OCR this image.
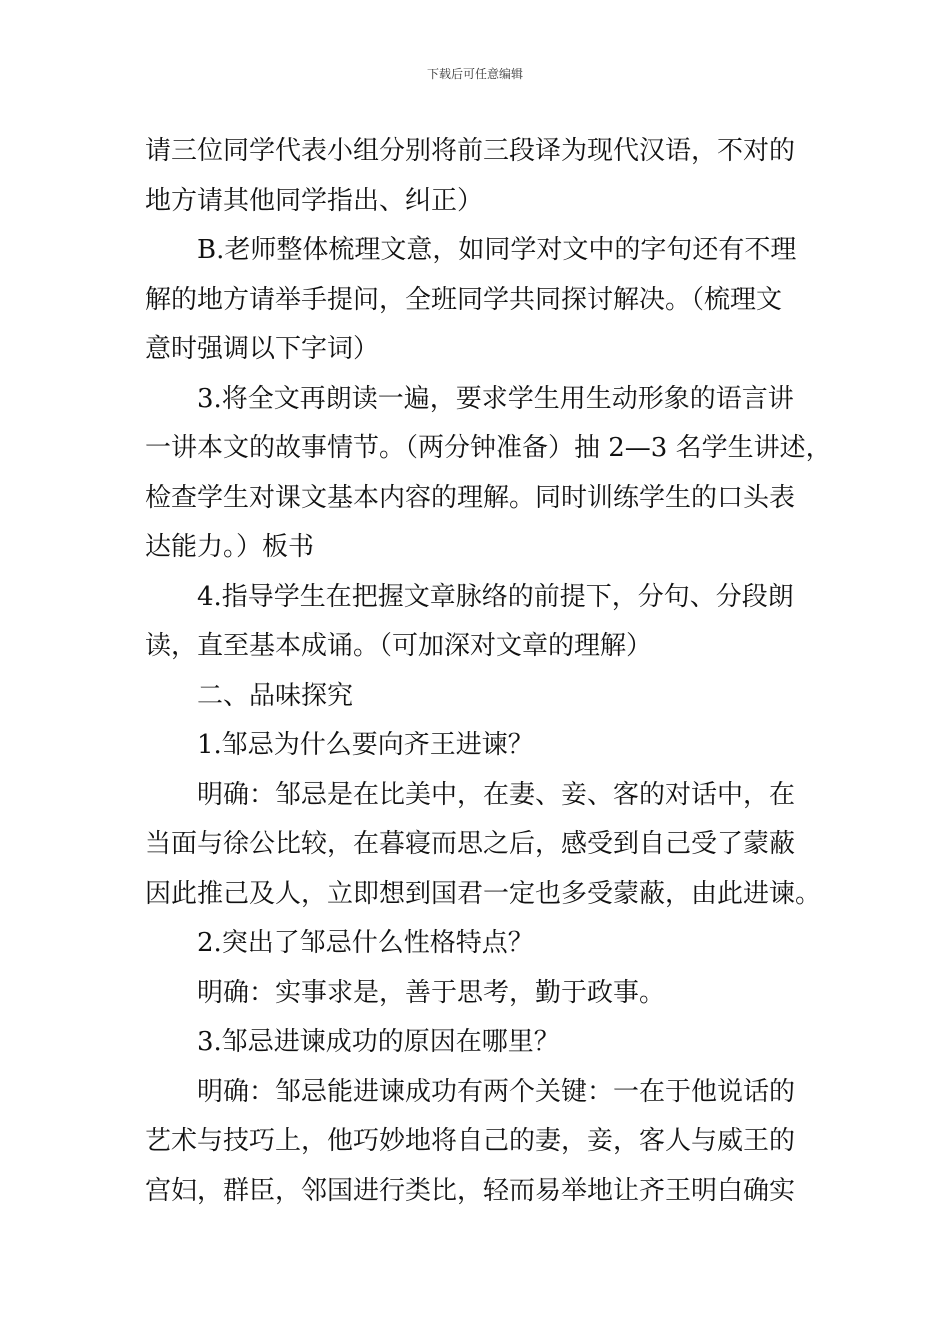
下载后可任意编辑
请三位同学代表小组分别将前三段译为现代汉语，不对的
地方请其他同学指出、纠正）
B.老师整体梳理文意，如同学对文中的字句还有不理
解的地方请举手提问，全班同学共同探讨解决。（梳理文
意时强调以下字词）
3.将全文再朗读一遍，要求学生用生动形象的语言讲
一讲本文的故事情节。（两分钟准备）抽 2—3 名学生讲述，
检查学生对课文基本内容的理解。同时训练学生的口头表
达能力。）板书
4.指导学生在把握文章脉络的前提下，分句、分段朗
读，直至基本成诵。（可加深对文章的理解）
二、品味探究
1.邹忌为什么要向齐王进谏？
明确：邹忌是在比美中，在妻、妾、客的对话中，在
当面与徐公比较，在暮寝而思之后，感受到自己受了蒙蔽
因此推己及人，立即想到国君一定也多受蒙蔽，由此进谏。
2.突出了邹忌什么性格特点？
明确：实事求是，善于思考，勤于政事。
3.邹忌进谏成功的原因在哪里？
明确：邹忌能进谏成功有两个关键：一在于他说话的
艺术与技巧上，他巧妙地将自己的妻，妾，客人与威王的
宫妇，群臣，邻国进行类比，轻而易举地让齐王明白确实
